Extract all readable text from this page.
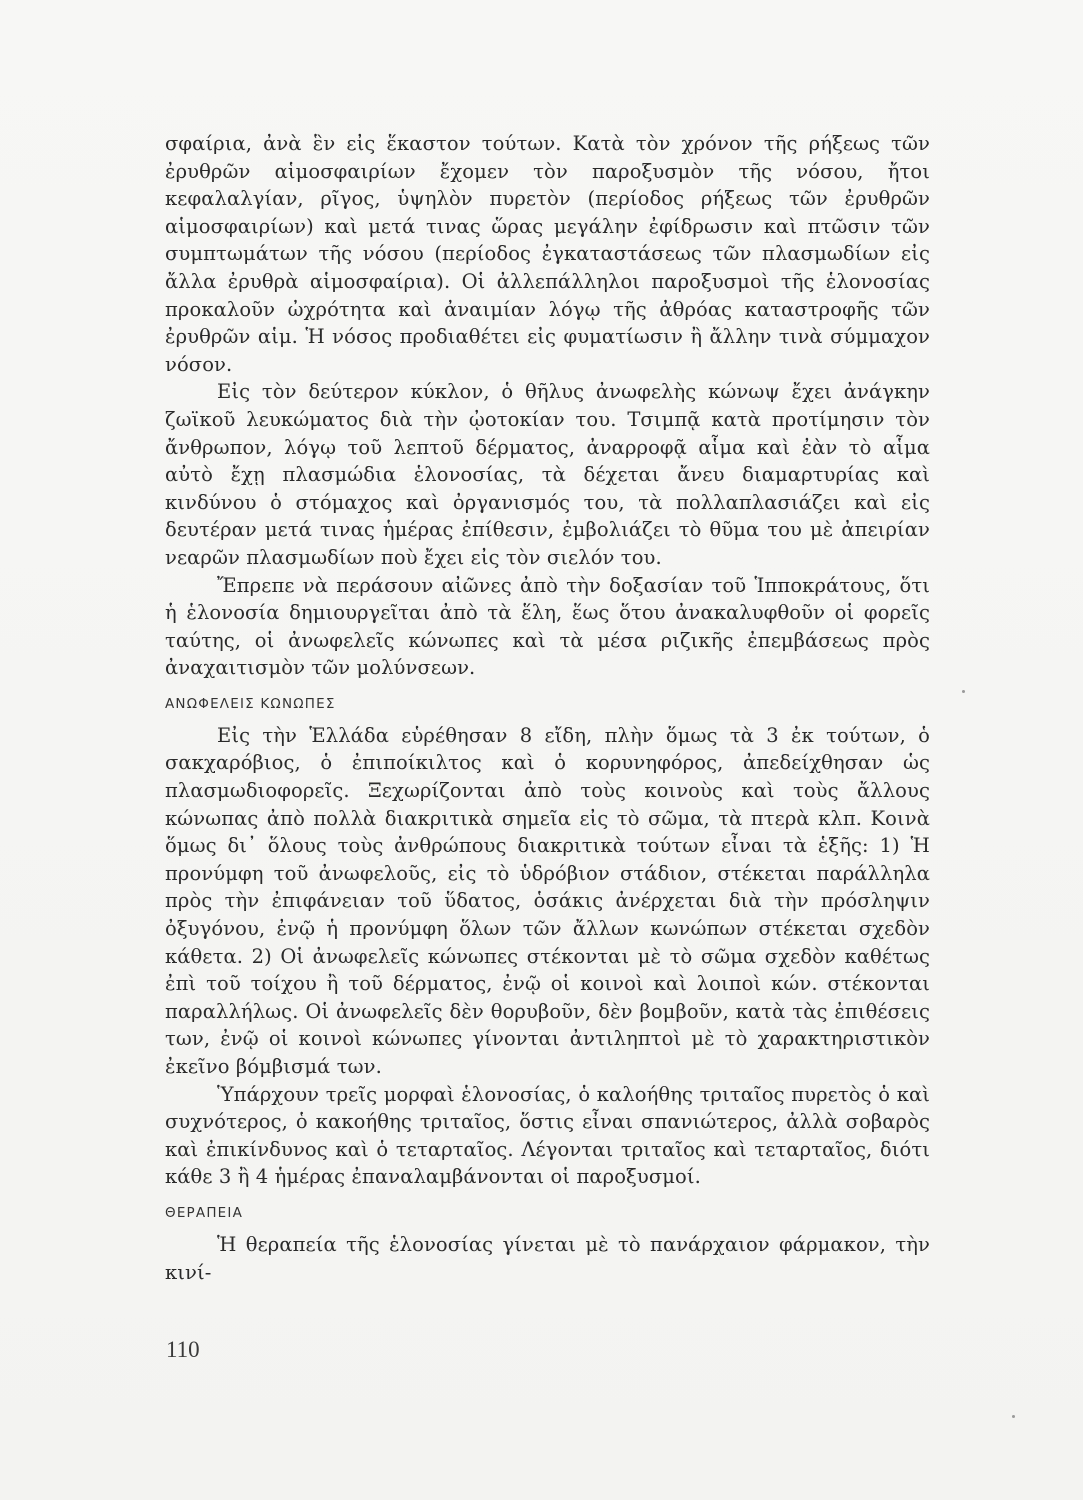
σφαίρια, ἀνὰ ἓν εἰς ἕκαστον τούτων. Κατὰ τὸν χρόνον τῆς ρήξεως τῶν ἐρυθρῶν αἱμοσφαιρίων ἔχομεν τὸν παροξυσμὸν τῆς νόσου, ἤτοι κεφαλαλγίαν, ρῖγος, ὑψηλὸν πυρετὸν (περίοδος ρήξεως τῶν ἐρυθρῶν αἱμοσφαιρίων) καὶ μετά τινας ὥρας μεγάλην ἐφίδρωσιν καὶ πτῶσιν τῶν συμπτωμάτων τῆς νόσου (περίοδος ἐγκαταστάσεως τῶν πλασμωδίων εἰς ἄλλα ἐρυθρὰ αἱμοσφαίρια). Οἱ ἀλλεπάλληλοι παροξυσμοὶ τῆς ἑλονοσίας προκαλοῦν ὠχρότητα καὶ ἀναιμίαν λόγῳ τῆς ἀθρόας καταστροφῆς τῶν ἐρυθρῶν αἱμ. Ἡ νόσος προδιαθέτει εἰς φυματίωσιν ἢ ἄλλην τινὰ σύμμαχον νόσον.

Εἰς τὸν δεύτερον κύκλον, ὁ θῆλυς ἀνωφελὴς κώνωψ ἔχει ἀνάγκην ζωϊκοῦ λευκώματος διὰ τὴν ᾠοτοκίαν του. Τσιμπᾷ κατὰ προτίμησιν τὸν ἄνθρωπον, λόγῳ τοῦ λεπτοῦ δέρματος, ἀναρροφᾷ αἷμα καὶ ἐὰν τὸ αἷμα αὐτὸ ἔχῃ πλασμώδια ἑλονοσίας, τὰ δέχεται ἄνευ διαμαρτυρίας καὶ κινδύνου ὁ στόμαχος καὶ ὀργανισμός του, τὰ πολλαπλασιάζει καὶ εἰς δευτέραν μετά τινας ἡμέρας ἐπίθεσιν, ἐμβολιάζει τὸ θῦμα του μὲ ἀπειρίαν νεαρῶν πλασμωδίων ποὺ ἔχει εἰς τὸν σιελόν του.

Ἔπρεπε νὰ περάσουν αἰῶνες ἀπὸ τὴν δοξασίαν τοῦ Ἱπποκράτους, ὅτι ἡ ἑλονοσία δημιουργεῖται ἀπὸ τὰ ἕλη, ἕως ὅτου ἀνακαλυφθοῦν οἱ φορεῖς ταύτης, οἱ ἀνωφελεῖς κώνωπες καὶ τὰ μέσα ριζικῆς ἐπεμβάσεως πρὸς ἀναχαιτισμὸν τῶν μολύνσεων.

ΑΝΩΦΕΛΕΙΣ ΚΩΝΩΠΕΣ

Εἰς τὴν Ἑλλάδα εὑρέθησαν 8 εἴδη, πλὴν ὅμως τὰ 3 ἐκ τούτων, ὁ σακχαρόβιος, ὁ ἐπιποίκιλτος καὶ ὁ κορυνηφόρος, ἀπεδείχθησαν ὡς πλασμωδιοφορεῖς. Ξεχωρίζονται ἀπὸ τοὺς κοινοὺς καὶ τοὺς ἄλλους κώνωπας ἀπὸ πολλὰ διακριτικὰ σημεῖα εἰς τὸ σῶμα, τὰ πτερὰ κλπ. Κοινὰ ὅμως δι᾽ ὅλους τοὺς ἀνθρώπους διακριτικὰ τούτων εἶναι τὰ ἑξῆς: 1) Ἡ προνύμφη τοῦ ἀνωφελοῦς, εἰς τὸ ὑδρόβιον στάδιον, στέκεται παράλληλα πρὸς τὴν ἐπιφάνειαν τοῦ ὕδατος, ὁσάκις ἀνέρχεται διὰ τὴν πρόσληψιν ὀξυγόνου, ἐνῷ ἡ προνύμφη ὅλων τῶν ἄλλων κωνώπων στέκεται σχεδὸν κάθετα. 2) Οἱ ἀνωφελεῖς κώνωπες στέκονται μὲ τὸ σῶμα σχεδὸν καθέτως ἐπὶ τοῦ τοίχου ἢ τοῦ δέρματος, ἐνῷ οἱ κοινοὶ καὶ λοιποὶ κών. στέκονται παραλλήλως. Οἱ ἀνωφελεῖς δὲν θορυβοῦν, δὲν βομβοῦν, κατὰ τὰς ἐπιθέσεις των, ἐνῷ οἱ κοινοὶ κώνωπες γίνονται ἀντιληπτοὶ μὲ τὸ χαρακτηριστικὸν ἐκεῖνο βόμβισμά των.

Ὑπάρχουν τρεῖς μορφαὶ ἑλονοσίας, ὁ καλοήθης τριταῖος πυρετὸς ὁ καὶ συχνότερος, ὁ κακοήθης τριταῖος, ὅστις εἶναι σπανιώτερος, ἀλλὰ σοβαρὸς καὶ ἐπικίνδυνος καὶ ὁ τεταρταῖος. Λέγονται τριταῖος καὶ τεταρταῖος, διότι κάθε 3 ἢ 4 ἡμέρας ἐπαναλαμβάνονται οἱ παροξυσμοί.

ΘΕΡΑΠΕΙΑ

Ἡ θεραπεία τῆς ἑλονοσίας γίνεται μὲ τὸ πανάρχαιον φάρμακον, τὴν κινί-

110
